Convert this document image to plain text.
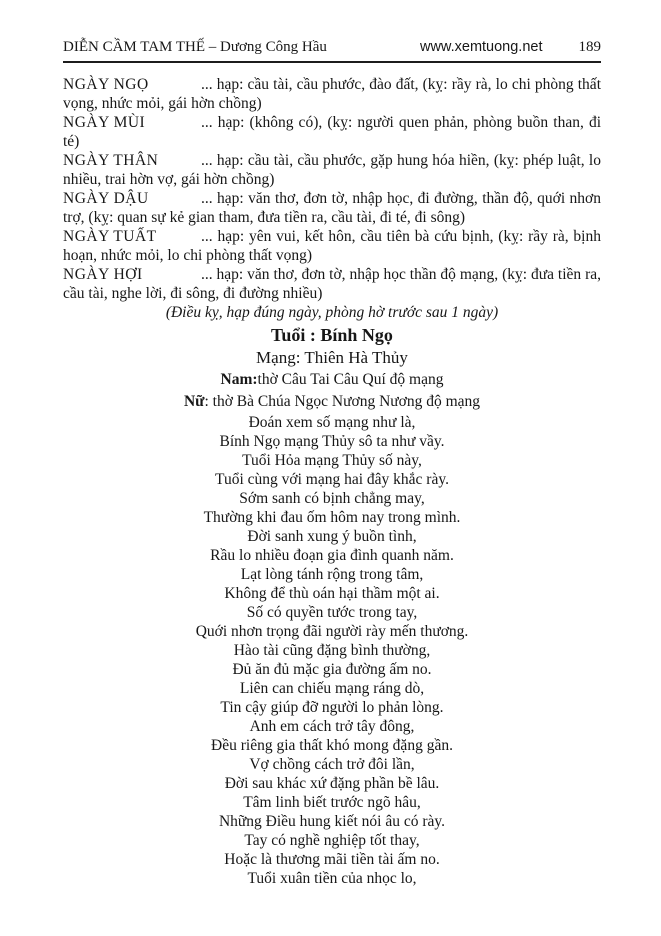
DIỄN CẦM TAM THẾ – Dương Công Hầu	www.xemtuong.net 189

NGÀY NGỌ	... hạp: cầu tài, cầu phước, đào đất, (kỵ: rầy rà, lo chi phòng thất vọng, nhức mỏi, gái hờn chồng)

NGÀY MÙI	... hạp: (không có), (kỵ: người quen phản, phòng buồn than, đi té)

NGÀY THÂN	... hạp: cầu tài, cầu phước, gặp hung hóa hiền, (kỵ: phép luật, lo nhiều, trai hờn vợ, gái hờn chồng)

NGÀY DẬU	... hạp: văn thơ, đơn tờ, nhập học, đi đường, thần độ, quới nhơn trợ, (kỵ: quan sự kẻ gian tham, đưa tiền ra, cầu tài, đi té, đi sông)

NGÀY TUẤT	... hạp: yên vui, kết hôn, cầu tiên bà cứu bịnh, (kỵ: rầy rà, bịnh hoạn, nhức mỏi, lo chi phòng thất vọng)

NGÀY HỢI	... hạp: văn thơ, đơn tờ, nhập học thần độ mạng, (kỵ: đưa tiền ra, cầu tài, nghe lời, đi sông, đi đường nhiều)

(Điều kỵ, hạp đúng ngày, phòng hờ trước sau 1 ngày)

Tuổi : Bính Ngọ

Mạng: Thiên Hà Thủy

Nam:thờ Câu Tai Câu Quí độ mạng

Nữ: thờ Bà Chúa Ngọc Nương Nương độ mạng

Đoán xem số mạng như là,

Bính Ngọ mạng Thủy sô ta như vầy.

Tuổi Hỏa mạng Thủy số này,

Tuổi cùng với mạng hai đây khắc rày.

Sớm sanh có bịnh chẳng may,

Thường khi đau ốm hôm nay trong mình.

Đời sanh xung ý buồn tình,

Rầu lo nhiều đoạn gia đình quanh năm.

Lạt lòng tánh rộng trong tâm,

Không để thù oán hại thầm một ai.

Số có quyền tước trong tay,

Quới nhơn trọng đãi người rày mến thương.

Hào tài cũng đặng bình thường,

Đủ ăn đủ mặc gia đường ấm no.

Liên can chiếu mạng ráng dò,

Tin cậy giúp đỡ người lo phản lòng.

Anh em cách trở tây đông,

Đều riêng gia thất khó mong đặng gần.

Vợ chồng cách trở đôi lần,

Đời sau khác xứ đặng phần bề lâu.

Tâm linh biết trước ngõ hâu,

Những Điều hung kiết nói âu có rày.

Tay có nghề nghiệp tốt thay,

Hoặc là thương mãi tiền tài ấm no.

Tuổi xuân tiền của nhọc lo,
